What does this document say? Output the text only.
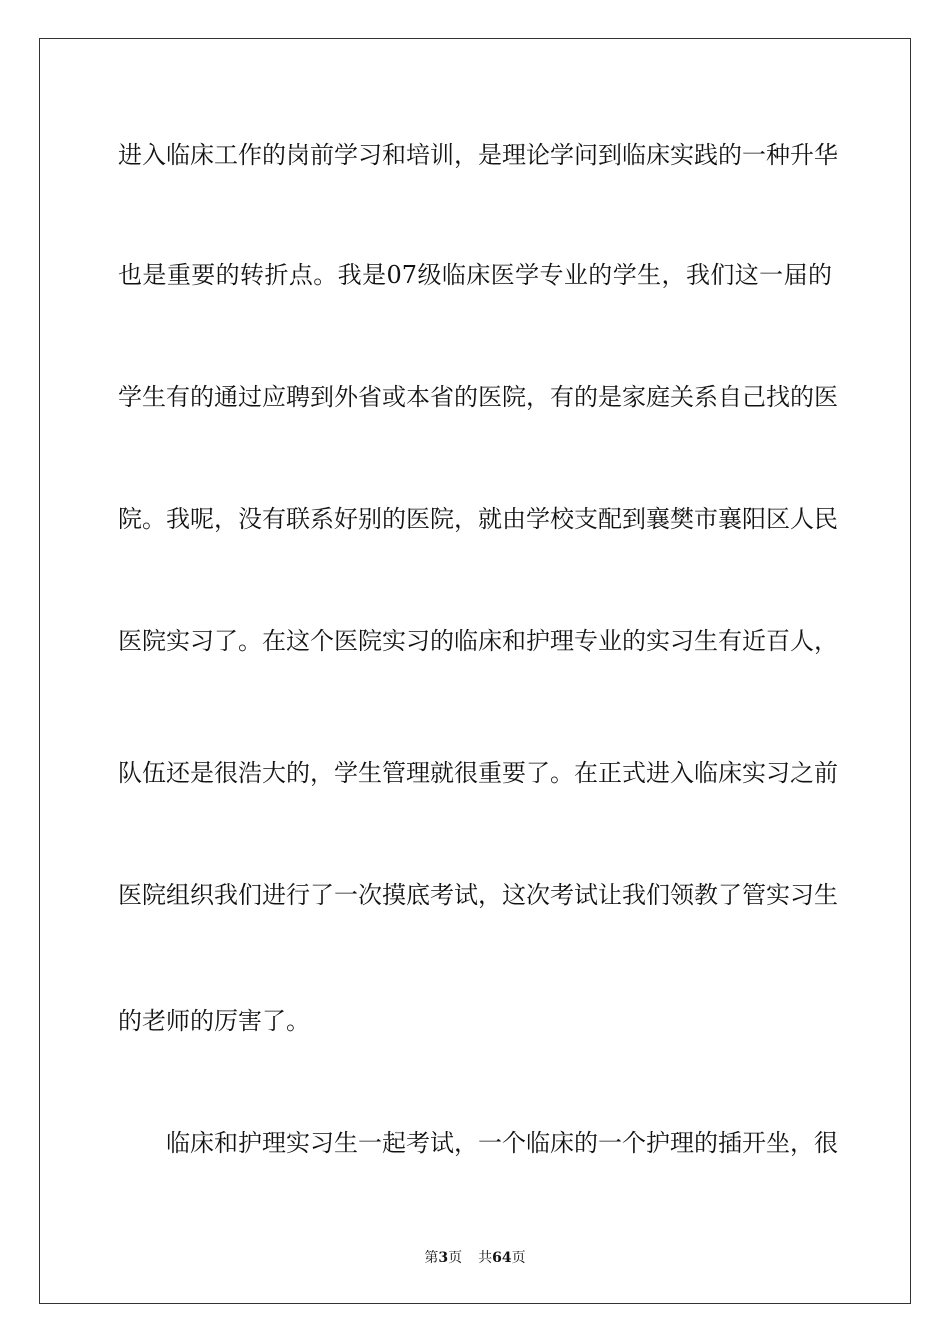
进入临床工作的岗前学习和培训，是理论学问到临床实践的一种升华
也是重要的转折点。我是07级临床医学专业的学生，我们这一届的
学生有的通过应聘到外省或本省的医院，有的是家庭关系自己找的医
院。我呢，没有联系好别的医院，就由学校支配到襄樊市襄阳区人民
医院实习了。在这个医院实习的临床和护理专业的实习生有近百人，
队伍还是很浩大的，学生管理就很重要了。在正式进入临床实习之前
医院组织我们进行了一次摸底考试，这次考试让我们领教了管实习生
的老师的厉害了。
临床和护理实习生一起考试，一个临床的一个护理的插开坐，很
第3页 共64页
